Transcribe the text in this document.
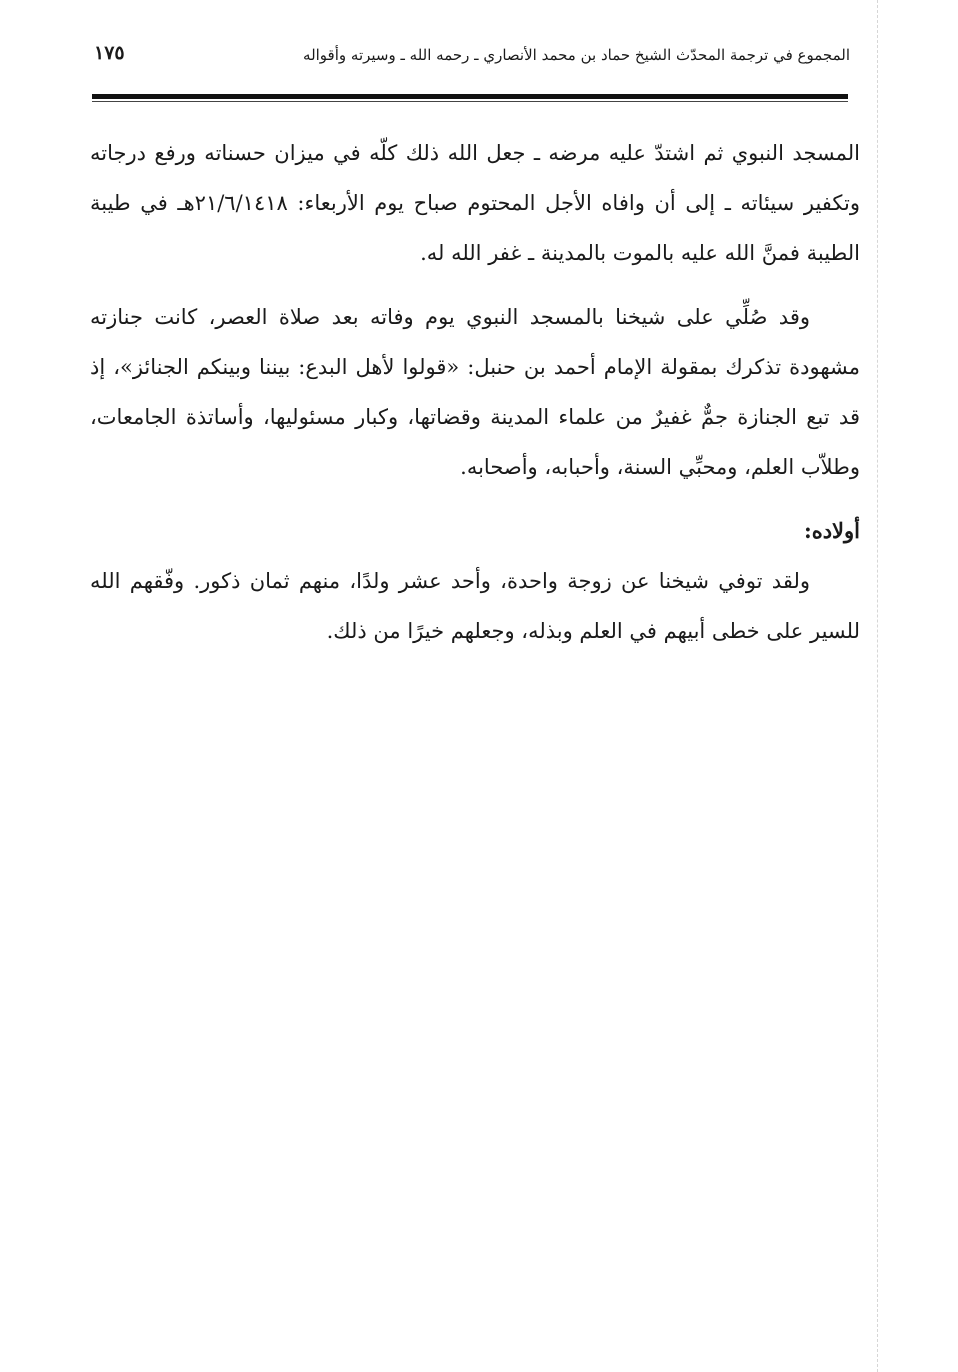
المجموع في ترجمة المحدّث الشيخ حماد بن محمد الأنصاري ـ رحمه الله ـ وسيرته وأقواله
١٧٥

المسجد النبوي ثم اشتدّ عليه مرضه ـ جعل الله ذلك كلّه في ميزان حسناته ورفع درجاته وتكفير سيئاته ـ إلى أن وافاه الأجل المحتوم صباح يوم الأربعاء: ٢١/٦/١٤١٨هـ في طيبة الطيبة فمنَّ الله عليه بالموت بالمدينة ـ غفر الله له.

وقد صُلِّي على شيخنا بالمسجد النبوي يوم وفاته بعد صلاة العصر، كانت جنازته مشهودة تذكرك بمقولة الإمام أحمد بن حنبل: «قولوا لأهل البدع: بيننا وبينكم الجنائز»، إذ قد تبع الجنازة جمٌّ غفيرٌ من علماء المدينة وقضاتها، وكبار مسئوليها، وأساتذة الجامعات، وطلاّب العلم، ومحبِّي السنة، وأحبابه، وأصحابه.

أولاده:

ولقد توفي شيخنا عن زوجة واحدة، وأحد عشر ولدًا، منهم ثمان ذكور. وفّقهم الله للسير على خطى أبيهم في العلم وبذله، وجعلهم خيرًا من ذلك.
